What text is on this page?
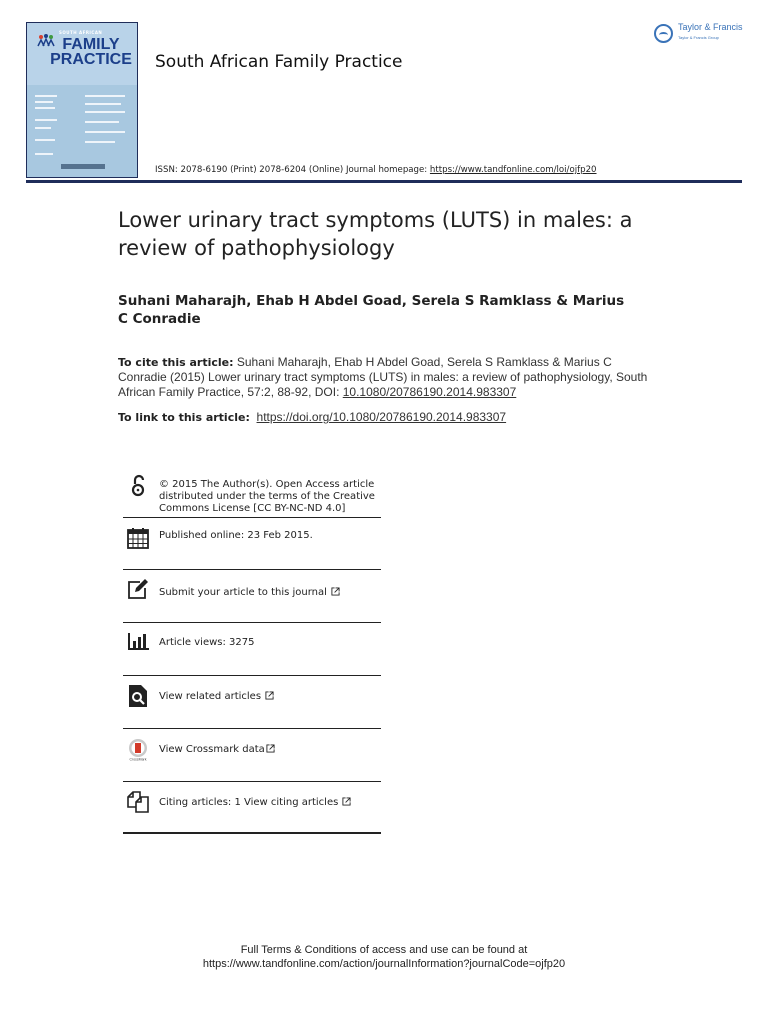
SOUTH AFRICAN
FAMILY
PRACTICE	South African Family Practice
Taylor & Francis
Taylor & Francis Group
ISSN: 2078-6190 (Print) 2078-6204 (Online) Journal homepage: https://www.tandfonline.com/loi/ojfp20
Lower urinary tract symptoms (LUTS) in males: a review of pathophysiology
Suhani Maharajh, Ehab H Abdel Goad, Serela S Ramklass & Marius C Conradie
To cite this article: Suhani Maharajh, Ehab H Abdel Goad, Serela S Ramklass & Marius C Conradie (2015) Lower urinary tract symptoms (LUTS) in males: a review of pathophysiology, South African Family Practice, 57:2, 88-92, DOI: 10.1080/20786190.2014.983307
To link to this article: https://doi.org/10.1080/20786190.2014.983307
© 2015 The Author(s). Open Access article distributed under the terms of the Creative Commons License [CC BY-NC-ND 4.0]
Published online: 23 Feb 2015.
Submit your article to this journal
Article views: 3275
View related articles
CrossMark
View Crossmark data
Citing articles: 1 View citing articles
Full Terms & Conditions of access and use can be found at
https://www.tandfonline.com/action/journalInformation?journalCode=ojfp20
